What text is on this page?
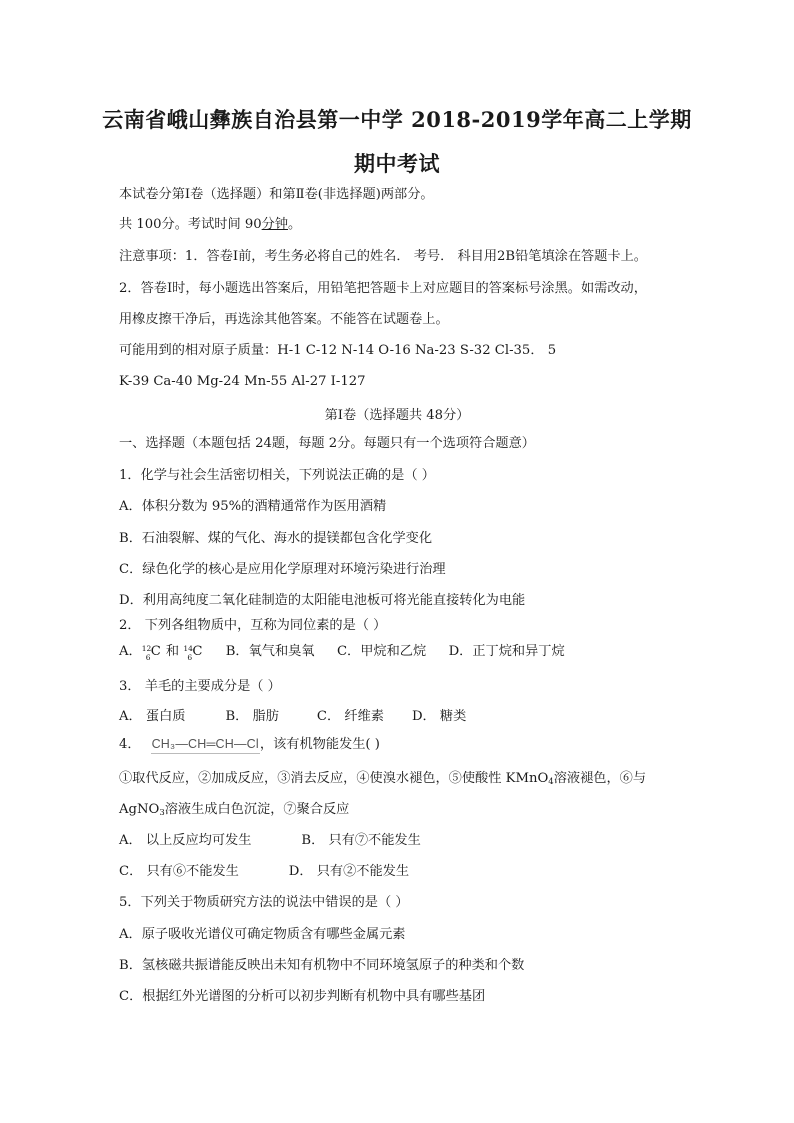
云南省峨山彝族自治县第一中学 2018-2019学年高二上学期
期中考试
本试卷分第Ⅰ卷（选择题）和第Ⅱ卷(非选择题)两部分。
共 100分。考试时间 90分钟。
注意事项：1．答卷Ⅰ前，考生务必将自己的姓名． 考号． 科目用2B铅笔填涂在答题卡上。
2．答卷Ⅰ时，每小题选出答案后，用铅笔把答题卡上对应题目的答案标号涂黑。如需改动，
用橡皮擦干净后，再选涂其他答案。不能答在试题卷上。
可能用到的相对原子质量：H-1 C-12 N-14 O-16 Na-23 S-32 Cl-35． 5
K-39 Ca-40 Mg-24 Mn-55 Al-27 I-127
第Ⅰ卷（选择题共 48分）
一、选择题（本题包括 24题，每题 2分。每题只有一个选项符合题意）
1．化学与社会生活密切相关，下列说法正确的是（ ）
A．体积分数为 95%的酒精通常作为医用酒精
B．石油裂解、煤的气化、海水的提镁都包含化学变化
C．绿色化学的核心是应用化学原理对环境污染进行治理
D．利用高纯度二氧化硅制造的太阳能电池板可将光能直接转化为电能
2． 下列各组物质中，互称为同位素的是（ ）
A． 12
6 C 和 14
6 C B．氧气和臭氧 C．甲烷和乙烷 D．正丁烷和异丁烷
3． 羊毛的主要成分是（ ）
A． 蛋白质	B． 脂肪	C． 纤维素 D． 糖类
4． CH₃—CH═CH—Cl，该有机物能发生( )
①取代反应，②加成反应，③消去反应，④使溴水褪色，⑤使酸性 KMnO$_4$溶液褪色，⑥与
AgNO$_3$溶液生成白色沉淀，⑦聚合反应
A． 以上反应均可发生	B． 只有⑦不能发生
C． 只有⑥不能发生	D． 只有②不能发生
5．下列关于物质研究方法的说法中错误的是（ ）
A．原子吸收光谱仪可确定物质含有哪些金属元素
B．氢核磁共振谱能反映出未知有机物中不同环境氢原子的种类和个数
C．根据红外光谱图的分析可以初步判断有机物中具有哪些基团
